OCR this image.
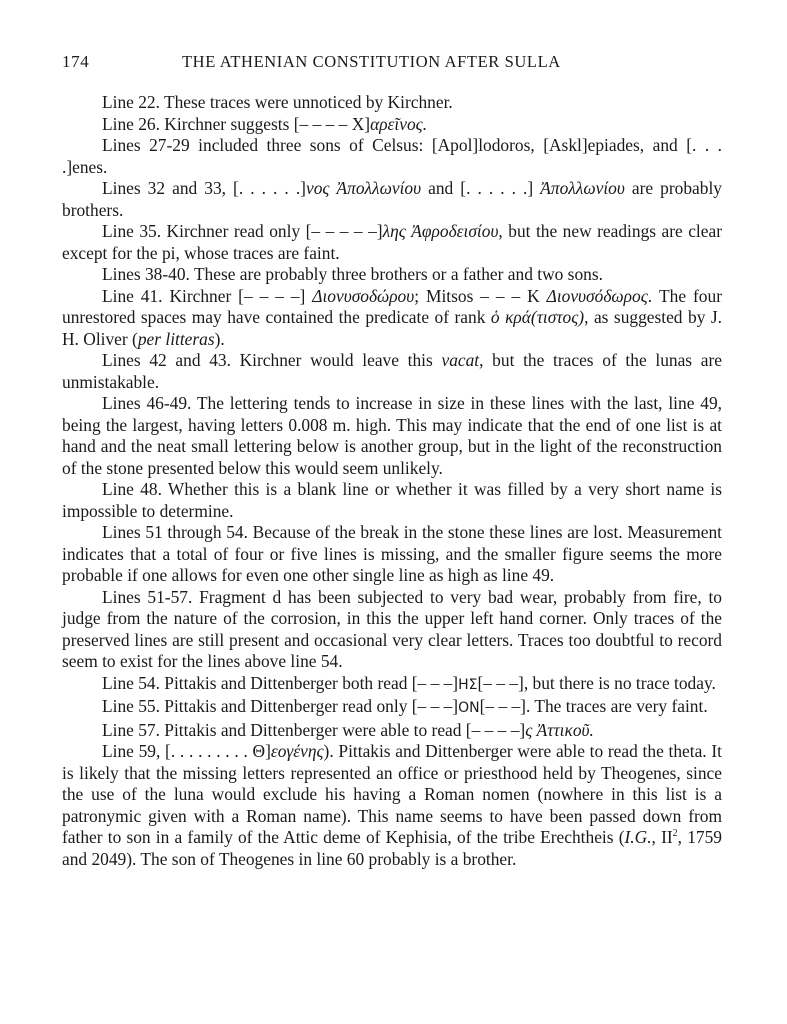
174	THE ATHENIAN CONSTITUTION AFTER SULLA

Line 22. These traces were unnoticed by Kirchner.

Line 26. Kirchner suggests [– – – – X]αρεῖνος.

Lines 27-29 included three sons of Celsus: [Apol]lodoros, [Askl]epiades, and [. . . .]enes.

Lines 32 and 33, [. . . . . .]νος Ἀπολλωνίου and [. . . . . .] Ἀπολλωνίου are probably brothers.

Line 35. Kirchner read only [– – – – –]λης Ἀφροδεισίου, but the new readings are clear except for the pi, whose traces are faint.

Lines 38-40. These are probably three brothers or a father and two sons.

Line 41. Kirchner [– – – –] Διονυσοδώρου; Mitsos – – – K Διονυσόδωρος. The four unrestored spaces may have contained the predicate of rank ὁ κρά(τιστος), as suggested by J. H. Oliver (per litteras).

Lines 42 and 43. Kirchner would leave this vacat, but the traces of the lunas are unmistakable.

Lines 46-49. The lettering tends to increase in size in these lines with the last, line 49, being the largest, having letters 0.008 m. high. This may indicate that the end of one list is at hand and the neat small lettering below is another group, but in the light of the reconstruction of the stone presented below this would seem unlikely.

Line 48. Whether this is a blank line or whether it was filled by a very short name is impossible to determine.

Lines 51 through 54. Because of the break in the stone these lines are lost. Measurement indicates that a total of four or five lines is missing, and the smaller figure seems the more probable if one allows for even one other single line as high as line 49.

Lines 51-57. Fragment d has been subjected to very bad wear, probably from fire, to judge from the nature of the corrosion, in this the upper left hand corner. Only traces of the preserved lines are still present and occasional very clear letters. Traces too doubtful to record seem to exist for the lines above line 54.

Line 54. Pittakis and Dittenberger both read [– – –]HΣ[– – –], but there is no trace today.

Line 55. Pittakis and Dittenberger read only [– – –]ON[– – –]. The traces are very faint.

Line 57. Pittakis and Dittenberger were able to read [– – – –]ς Ἀττικοῦ.

Line 59, [. . . . . . . . . Θ]εογένης). Pittakis and Dittenberger were able to read the theta. It is likely that the missing letters represented an office or priesthood held by Theogenes, since the use of the luna would exclude his having a Roman nomen (nowhere in this list is a patronymic given with a Roman name). This name seems to have been passed down from father to son in a family of the Attic deme of Kephisia, of the tribe Erechtheis (I.G., $II^2$, 1759 and 2049). The son of Theogenes in line 60 probably is a brother.
